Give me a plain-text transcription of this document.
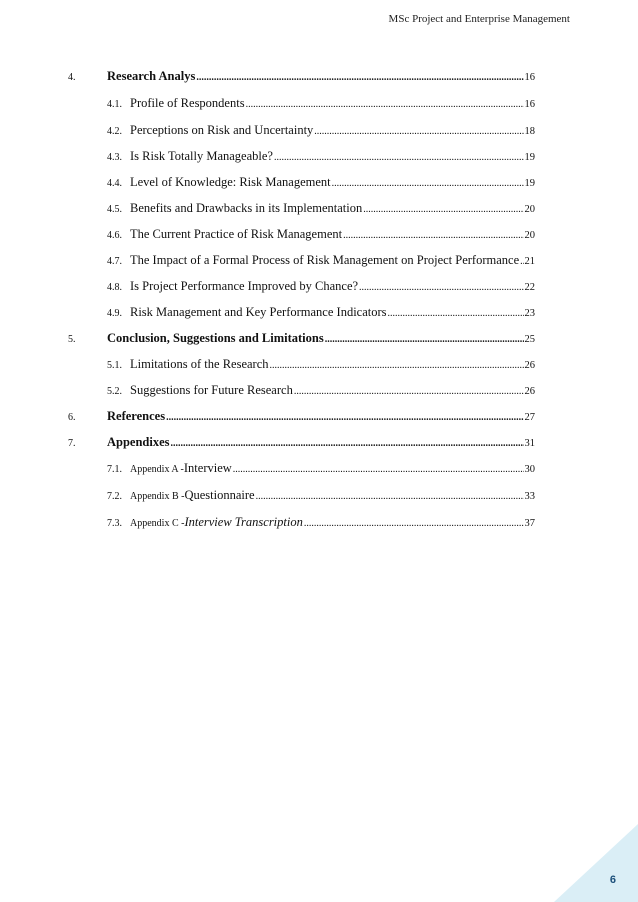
MSc Project and Enterprise Management
4.	Research Analys .....	16
4.1. Profile of Respondents .....	16
4.2. Perceptions on Risk and Uncertainty .....	18
4.3. Is Risk Totally Manageable? .....	19
4.4. Level of Knowledge: Risk Management .....	19
4.5. Benefits and Drawbacks in its Implementation .....	20
4.6. The Current Practice of Risk Management .....	20
4.7. The Impact of a Formal Process of Risk Management on Project Performance ..... 21
4.8. Is Project Performance Improved by Chance? .....	22
4.9. Risk Management and Key Performance Indicators .....	23
5.	Conclusion, Suggestions and Limitations .....	25
5.1. Limitations of the Research .....	26
5.2. Suggestions for Future Research .....	26
6.	References .....	27
7.	Appendixes .....	31
7.1. Appendix A - Interview .....	30
7.2. Appendix B - Questionnaire .....	33
7.3. Appendix C - Interview Transcription .....	37
6
